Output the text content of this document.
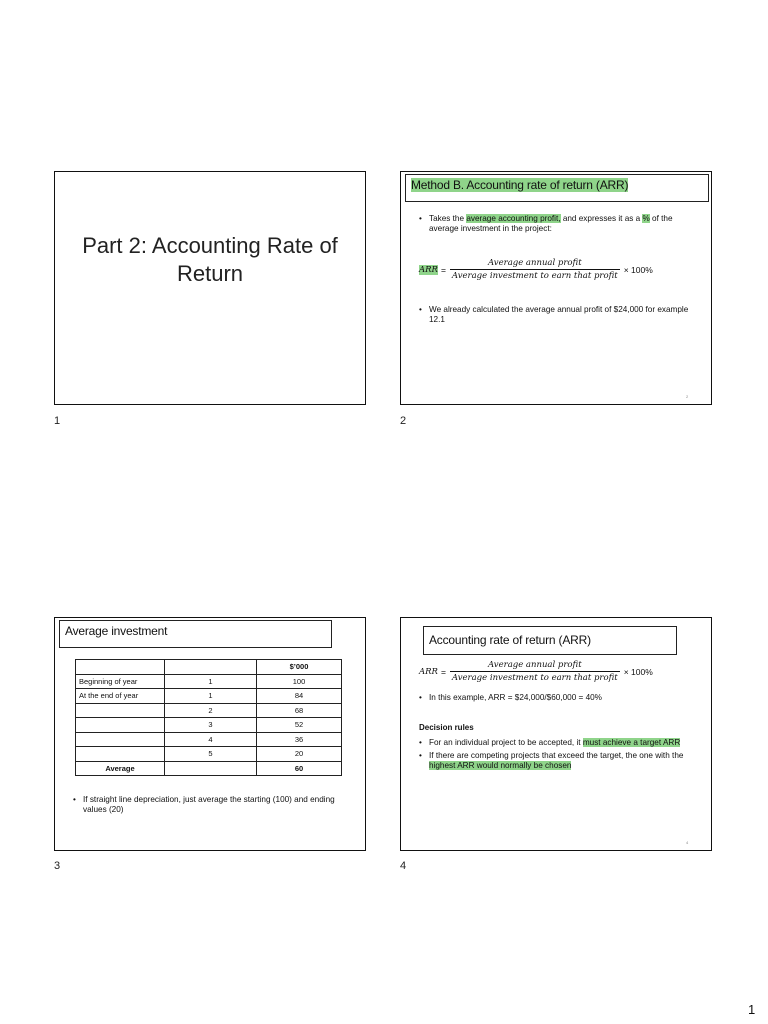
Part 2: Accounting Rate of Return
1
Method B. Accounting rate of return (ARR)
• Takes the average accounting profit, and expresses it as a % of the average investment in the project:
ARR = $\frac{\text{Average annual profit}}{\text{Average investment to earn that profit}} \times 100\%$
• We already calculated the average annual profit of $24,000 for example 12.1
2
2
Average investment
		$’000
Beginning of year	1	100
At the end of year	1	84
	2	68
	3	52
	4	36
	5	20
Average		60
• If straight line depreciation, just average the starting (100) and ending values (20)
3
Accounting rate of return (ARR)
ARR = $\frac{\text{Average annual profit}}{\text{Average investment to earn that profit}} \times 100\%$
• In this example, ARR = $24,000/$60,000 = 40%
Decision rules
• For an individual project to be accepted, it must achieve a target ARR
• If there are competing projects that exceed the target, the one with the highest ARR would normally be chosen
4
4
1
